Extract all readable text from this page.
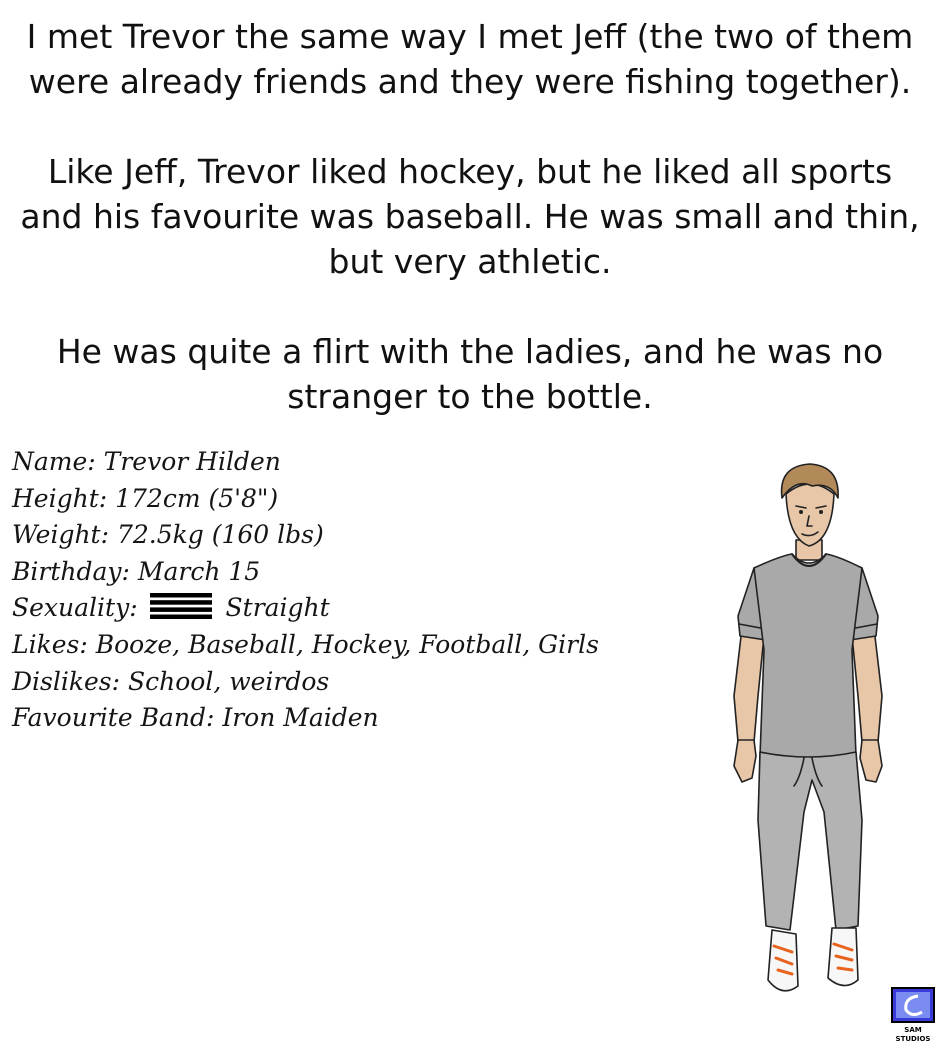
I met Trevor the same way I met Jeff (the two of them were already friends and they were fishing together).

Like Jeff, Trevor liked hockey, but he liked all sports and his favourite was baseball. He was small and thin, but very athletic.

He was quite a flirt with the ladies, and he was no stranger to the bottle.

Name: Trevor Hilden
Height: 172cm (5'8")
Weight: 72.5kg (160 lbs)
Birthday: March 15
Sexuality:	Straight
Likes: Booze, Baseball, Hockey, Football, Girls
Dislikes: School, weirdos
Favourite Band: Iron Maiden
SAM
STUDIOS
